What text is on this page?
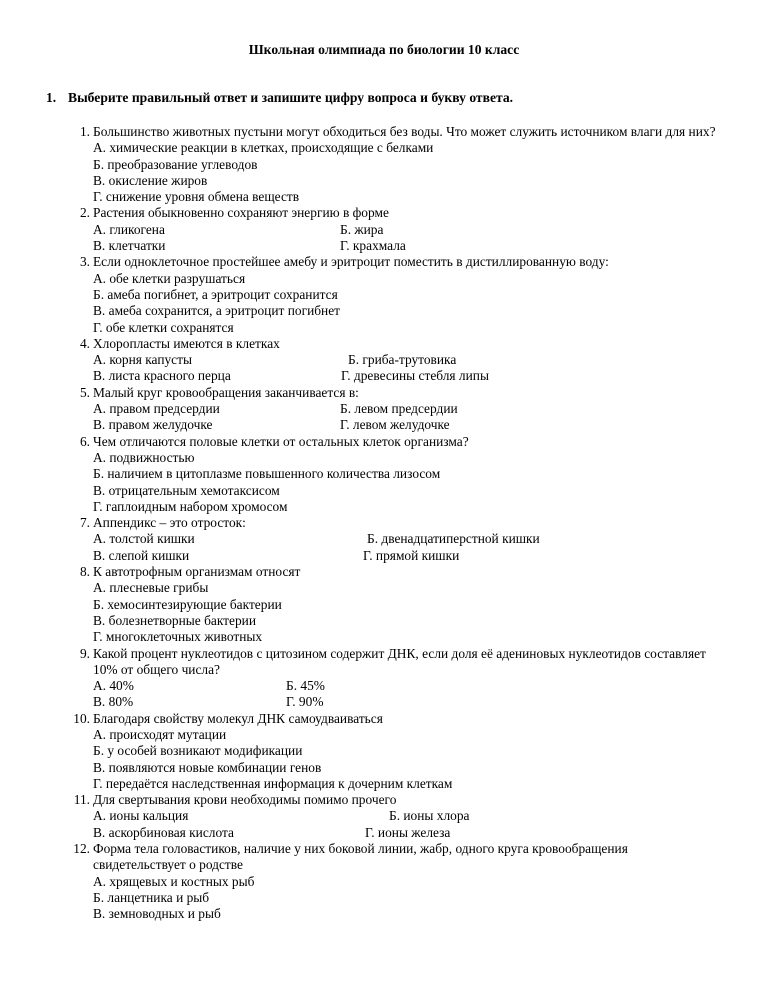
Школьная олимпиада по биологии 10 класс
1. Выберите правильный ответ и запишите цифру вопроса и букву ответа.
1. Большинство животных пустыни могут обходиться без воды. Что может служить источником влаги для них?
А. химические реакции в клетках, происходящие с белками
Б. преобразование углеводов
В. окисление жиров
Г. снижение уровня обмена веществ
2. Растения обыкновенно сохраняют энергию в форме
А. гликогена	Б. жира
В. клетчатки	Г. крахмала
3. Если одноклеточное простейшее амебу и эритроцит поместить в дистиллированную воду:
А. обе клетки разрушаться
Б. амеба погибнет, а эритроцит сохранится
В. амеба сохранится, а эритроцит погибнет
Г. обе клетки сохранятся
4. Хлоропласты имеются в клетках
А. корня капусты	Б. гриба-трутовика
В. листа красного перца	Г. древесины стебля липы
5. Малый круг кровообращения заканчивается в:
А. правом предсердии	Б. левом предсердии
В. правом желудочке	Г. левом желудочке
6. Чем отличаются половые клетки от остальных клеток организма?
А. подвижностью
Б. наличием в цитоплазме повышенного количества лизосом
В. отрицательным хемотаксисом
Г. гаплоидным набором хромосом
7. Аппендикс – это отросток:
А. толстой кишки	Б. двенадцатиперстной кишки
В. слепой кишки	Г. прямой кишки
8. К автотрофным организмам относят
А. плесневые грибы
Б. хемосинтезирующие бактерии
В. болезнетворные бактерии
Г. многоклеточных животных
9. Какой процент нуклеотидов с цитозином содержит ДНК, если доля её адениновых нуклеотидов составляет 10% от общего числа?
А. 40%	Б. 45%
В. 80%	Г. 90%
10. Благодаря свойству молекул ДНК самоудваиваться
А. происходят мутации
Б. у особей возникают модификации
В. появляются новые комбинации генов
Г. передаётся наследственная информация к дочерним клеткам
11. Для свертывания крови необходимы помимо прочего
А. ионы кальция	Б. ионы хлора
В. аскорбиновая кислота	Г. ионы железа
12. Форма тела головастиков, наличие у них боковой линии, жабр, одного круга кровообращения свидетельствует о родстве
А. хрящевых и костных рыб
Б. ланцетника и рыб
В. земноводных и рыб
